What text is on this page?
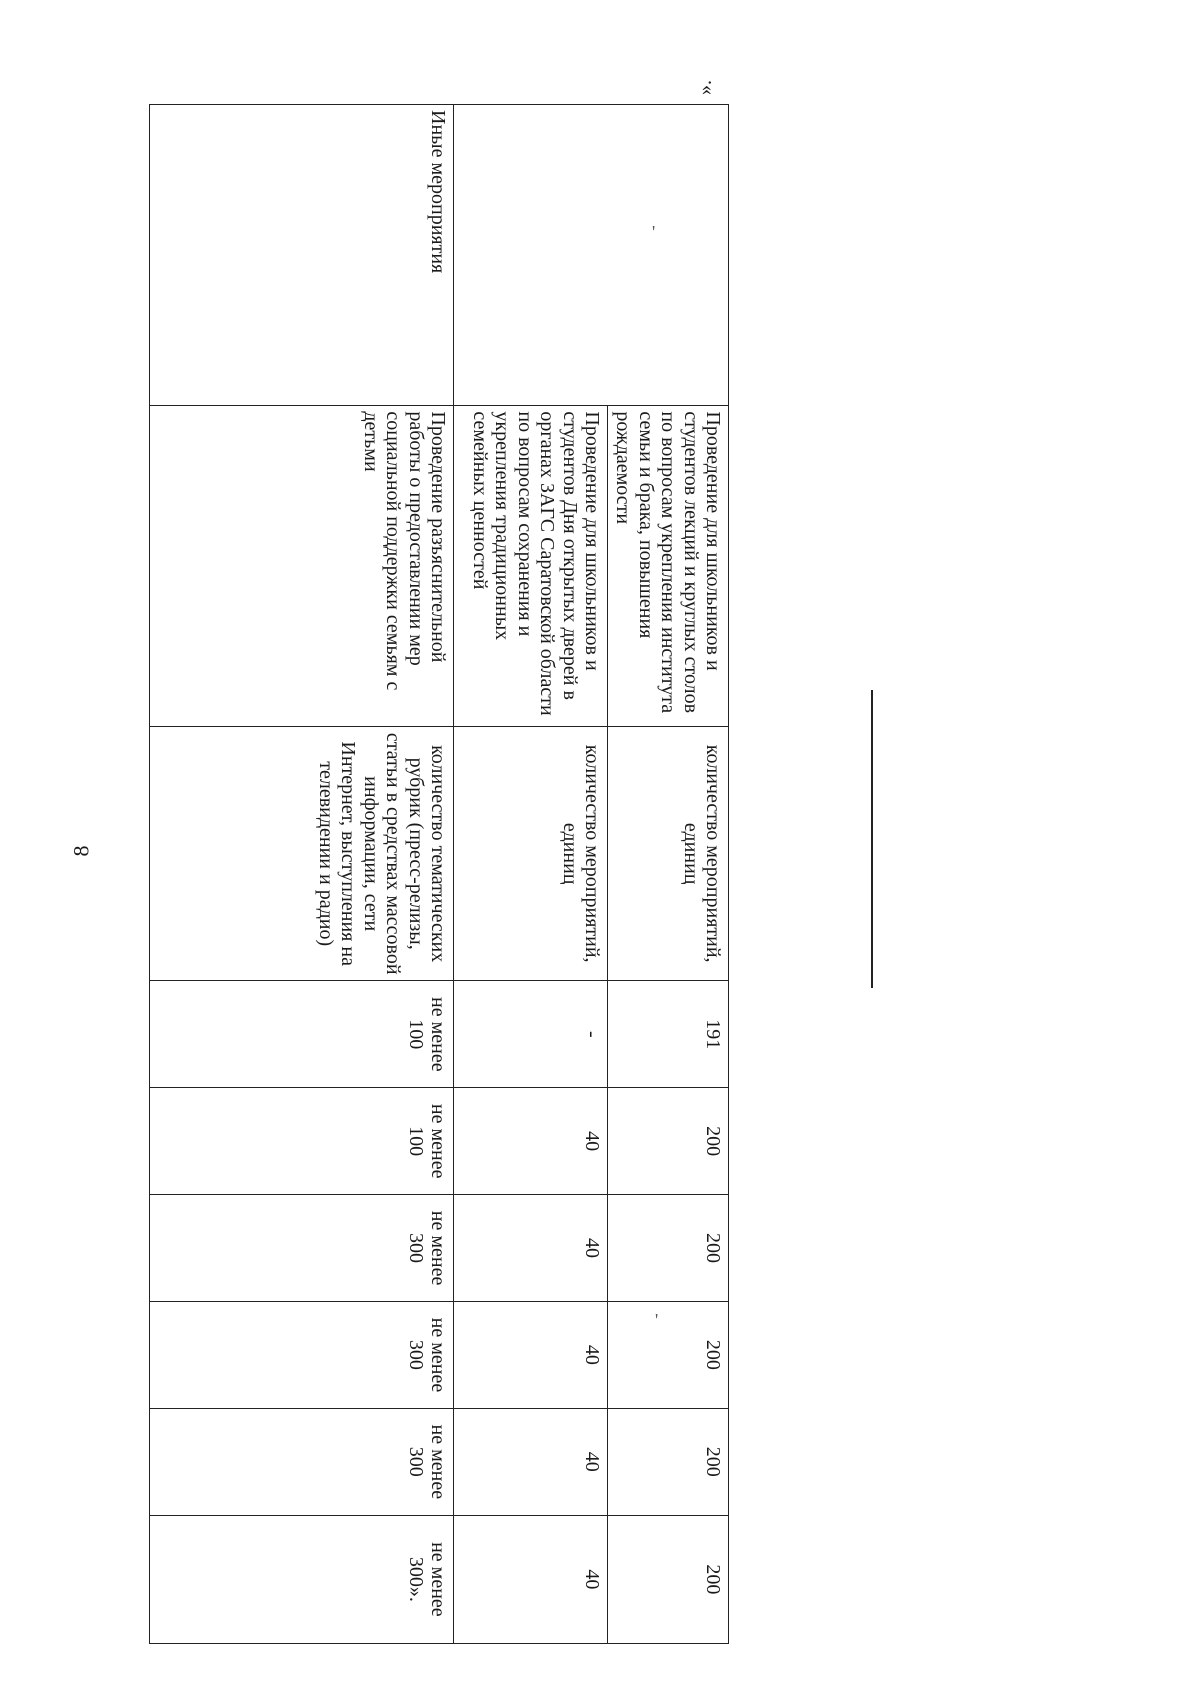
8
».
'
'
	Проведение для школьников и студентов лекций и круглых столов по вопросам укрепления института семьи и брака, повышения рождаемости	количество мероприятий, единиц	191	200	200	200	200	200
	Проведение для школьников и студентов Дня открытых дверей в органах ЗАГС Саратовской области по вопросам сохранения и укрепления традиционных семейных ценностей	количество мероприятий, единиц	-	40	40	40	40	40
Иные мероприятия	Проведение разъяснительной работы о предоставлении мер социальной поддержки семьям с детьми	количество тематических рубрик (пресс-релизы, статьи в средствах массовой информации, сети Интернет, выступления на телевидении и радио)	не менее 100	не менее 100	не менее 300	не менее 300	не менее 300	не менее 300».
